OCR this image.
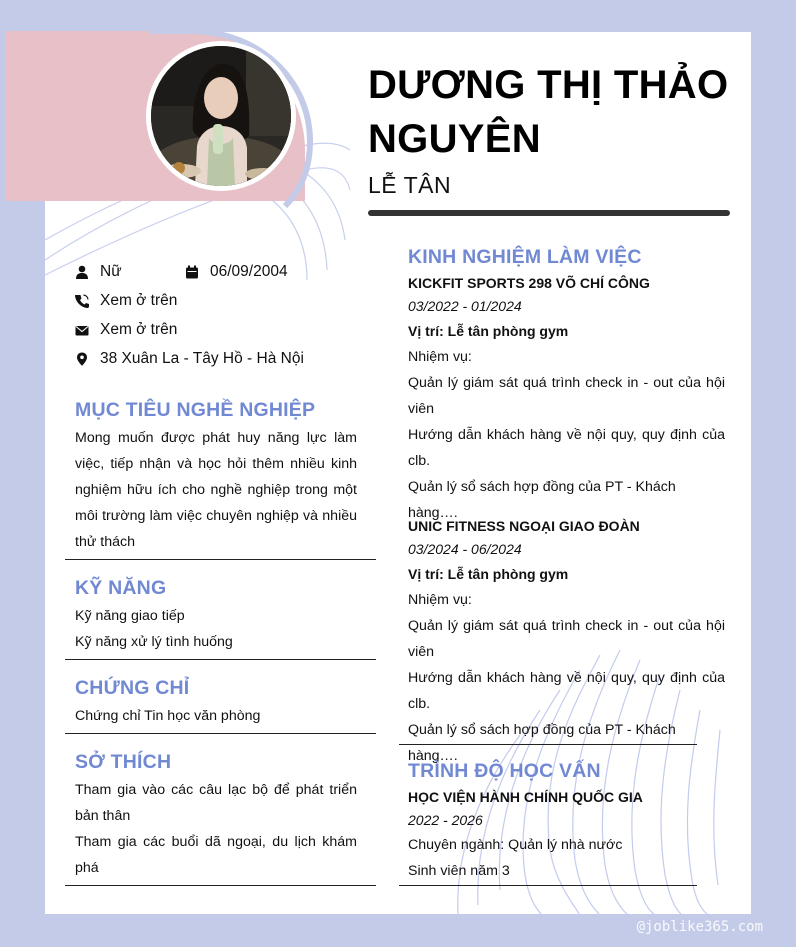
DƯƠNG THỊ THẢO NGUYÊN
LỄ TÂN
Nữ	06/09/2004
Xem ở trên
Xem ở trên
38 Xuân La - Tây Hồ - Hà Nội
MỤC TIÊU NGHỀ NGHIỆP
Mong muốn được phát huy năng lực làm việc, tiếp nhận và học hỏi thêm nhiều kinh nghiệm hữu ích cho nghề nghiệp trong một môi trường làm việc chuyên nghiệp và nhiều thử thách
KỸ NĂNG
Kỹ năng giao tiếp
Kỹ năng xử lý tình huống
CHỨNG CHỈ
Chứng chỉ Tin học văn phòng
SỞ THÍCH
Tham gia vào các câu lạc bộ để phát triển bản thân
Tham gia các buổi dã ngoại, du lịch khám phá
KINH NGHIỆM LÀM VIỆC
KICKFIT SPORTS 298 VÕ CHÍ CÔNG
03/2022 - 01/2024
Vị trí: Lễ tân phòng gym
Nhiệm vụ:
Quản lý giám sát quá trình check in - out của hội viên
Hướng dẫn khách hàng về nội quy, quy định của clb.
Quản lý sổ sách hợp đồng của PT - Khách hàng….
UNIC FITNESS NGOẠI GIAO ĐOÀN
03/2024 - 06/2024
Vị trí: Lễ tân phòng gym
Nhiệm vụ:
Quản lý giám sát quá trình check in - out của hội viên
Hướng dẫn khách hàng về nội quy, quy định của clb.
Quản lý sổ sách hợp đồng của PT - Khách hàng….
TRÌNH ĐỘ HỌC VẤN
HỌC VIỆN HÀNH CHÍNH QUỐC GIA
2022 - 2026
Chuyên ngành: Quản lý nhà nước
Sinh viên năm 3
@joblike365.com
